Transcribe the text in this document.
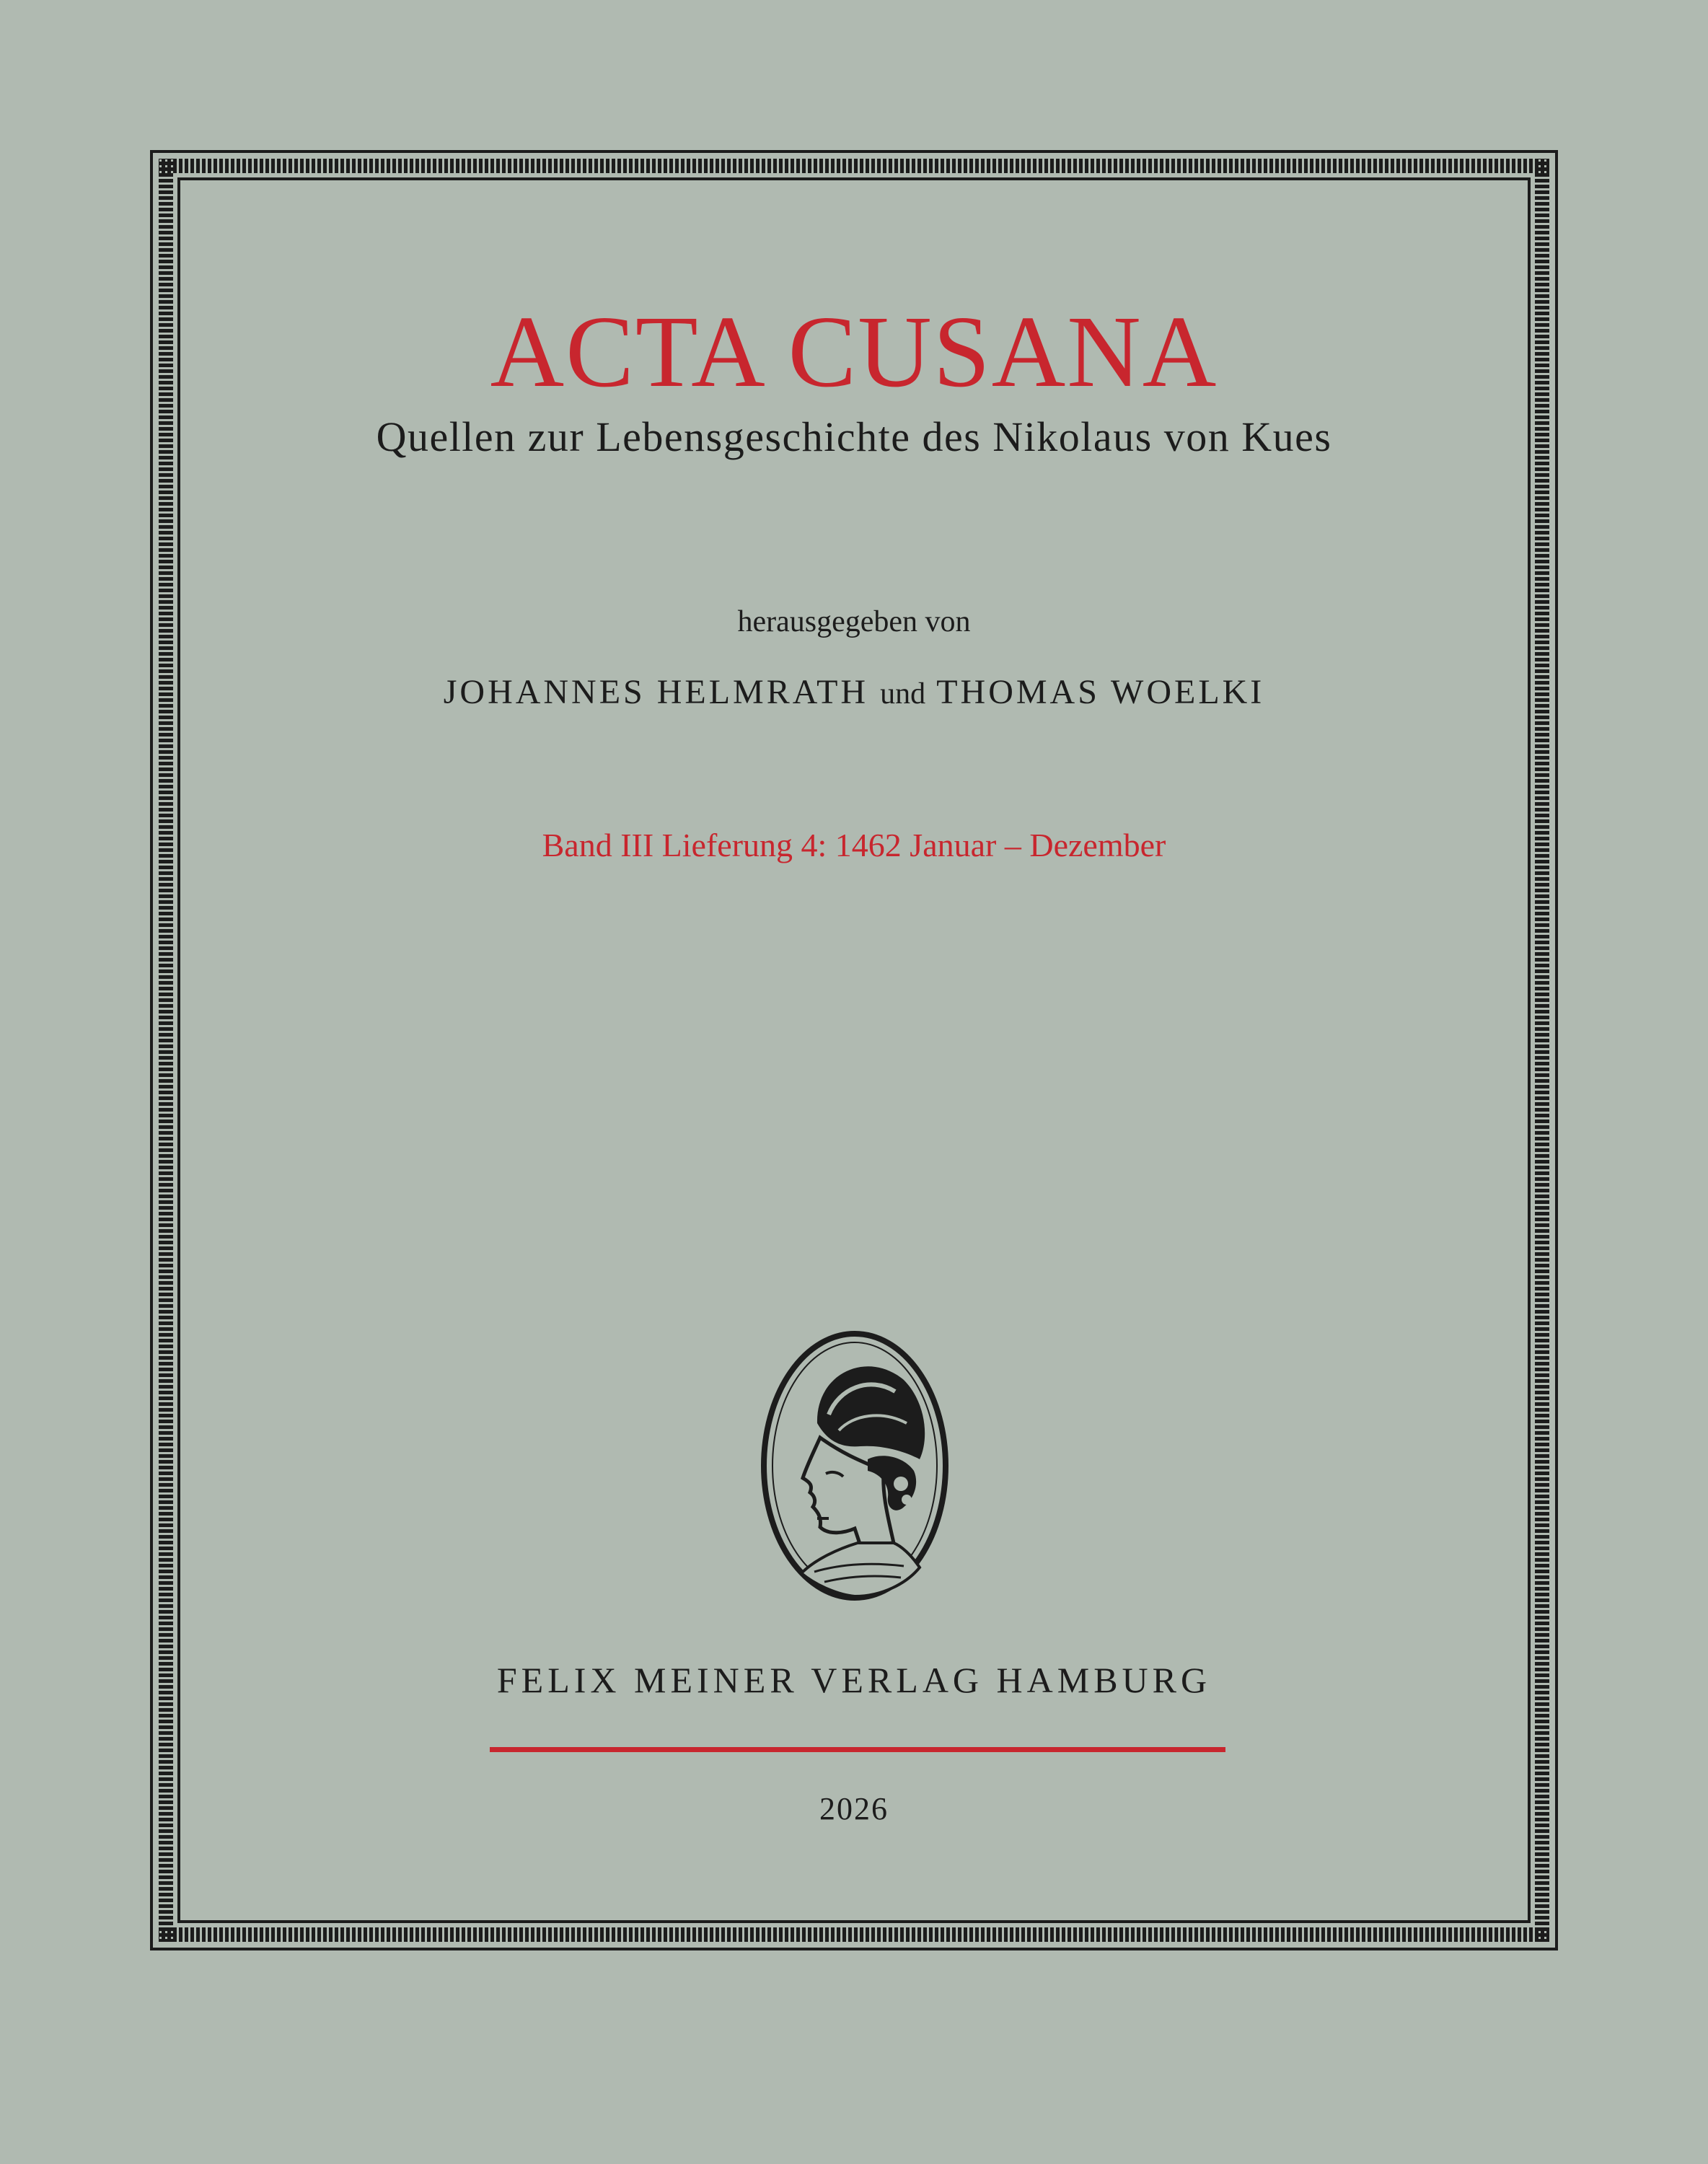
ACTA CUSANA
Quellen zur Lebensgeschichte des Nikolaus von Kues
herausgegeben von
JOHANNES HELMRATH und THOMAS WOELKI
Band III Lieferung 4: 1462 Januar – Dezember
FELIX MEINER VERLAG HAMBURG
2026
